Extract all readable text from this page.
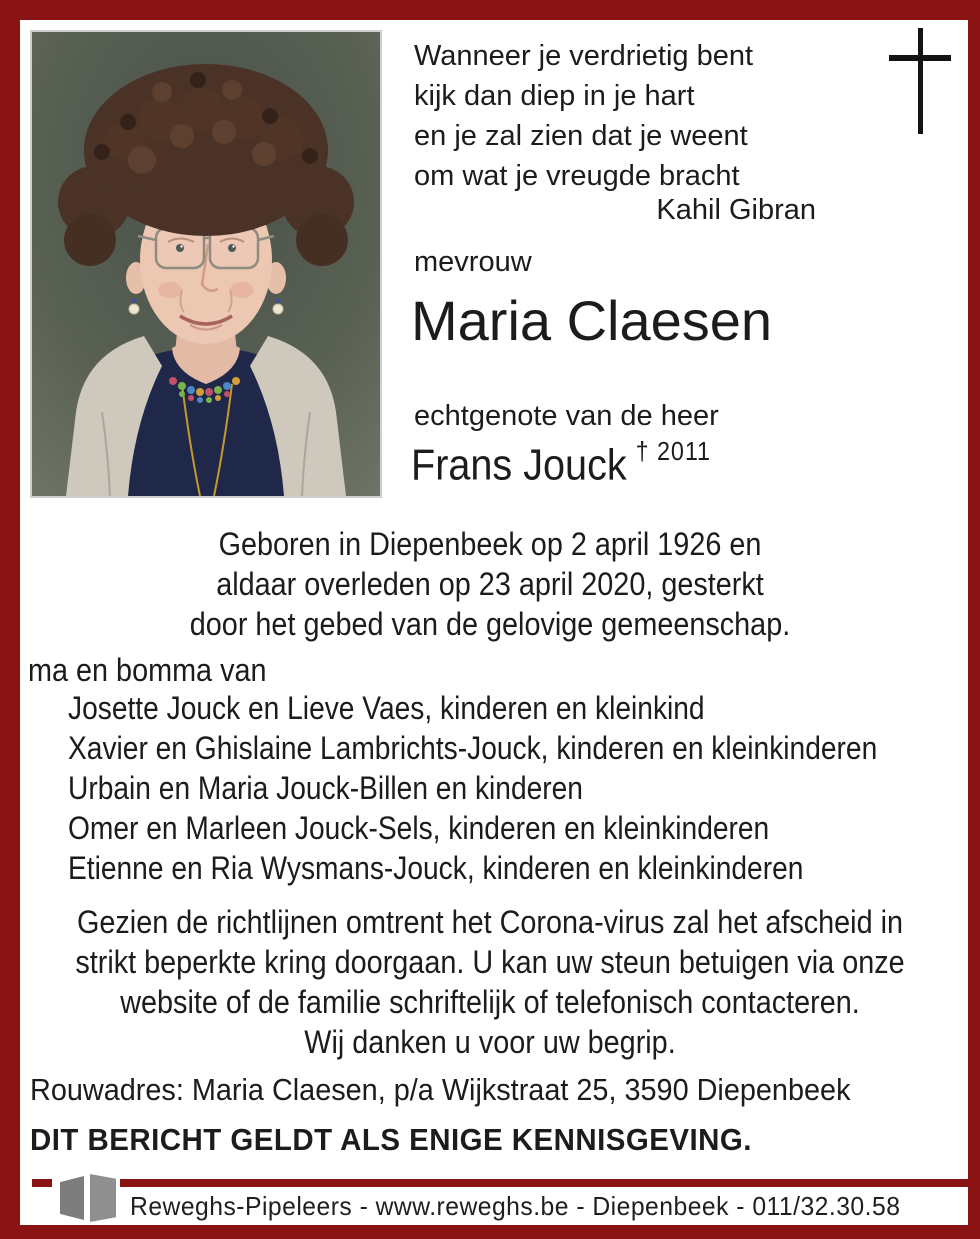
Wanneer je verdrietig bent
kijk dan diep in je hart
en je zal zien dat je weent
om wat je vreugde bracht
Kahil Gibran
mevrouw
Maria Claesen
echtgenote van de heer
Frans Jouck $^{\dagger 2011}$
Geboren in Diepenbeek op 2 april 1926 en
aldaar overleden op 23 april 2020, gesterkt
door het gebed van de gelovige gemeenschap.
ma en bomma van
Josette Jouck en Lieve Vaes, kinderen en kleinkind
Xavier en Ghislaine Lambrichts-Jouck, kinderen en kleinkinderen
Urbain en Maria Jouck-Billen en kinderen
Omer en Marleen Jouck-Sels, kinderen en kleinkinderen
Etienne en Ria Wysmans-Jouck, kinderen en kleinkinderen
Gezien de richtlijnen omtrent het Corona-virus zal het afscheid in
strikt beperkte kring doorgaan. U kan uw steun betuigen via onze
website of de familie schriftelijk of telefonisch contacteren.
Wij danken u voor uw begrip.
Rouwadres: Maria Claesen, p/a Wijkstraat 25, 3590 Diepenbeek
DIT BERICHT GELDT ALS ENIGE KENNISGEVING.
Reweghs-Pipeleers - www.reweghs.be - Diepenbeek - 011/32.30.58
